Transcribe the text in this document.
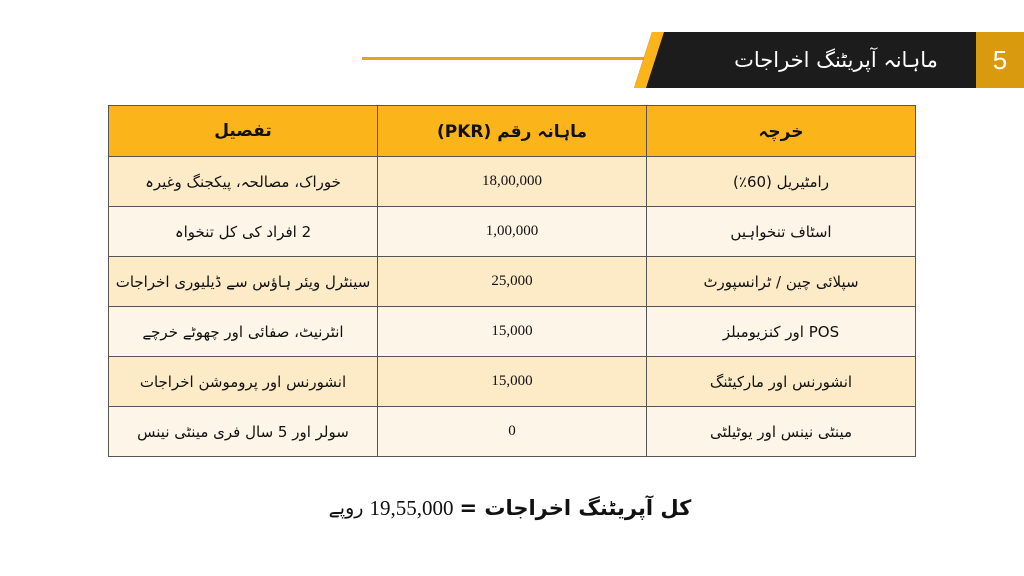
ماہانہ آپریٹنگ اخراجات	5
خرچہ	ماہانہ رقم (PKR)	تفصیل
رامٹیریل (60٪)	18,00,000	خوراک، مصالحہ، پیکجنگ وغیرہ
اسٹاف تنخواہیں	1,00,000	2 افراد کی کل تنخواہ
سپلائی چین / ٹرانسپورٹ	25,000	سینٹرل ویئر ہاؤس سے ڈیلیوری اخراجات
POS اور کنزیومبلز	15,000	انٹرنیٹ، صفائی اور چھوٹے خرچے
انشورنس اور مارکیٹنگ	15,000	انشورنس اور پروموشن اخراجات
مینٹی نینس اور یوٹیلٹی	0	سولر اور 5 سال فری مینٹی نینس
کل آپریٹنگ اخراجات =
19,55,000
روپے
